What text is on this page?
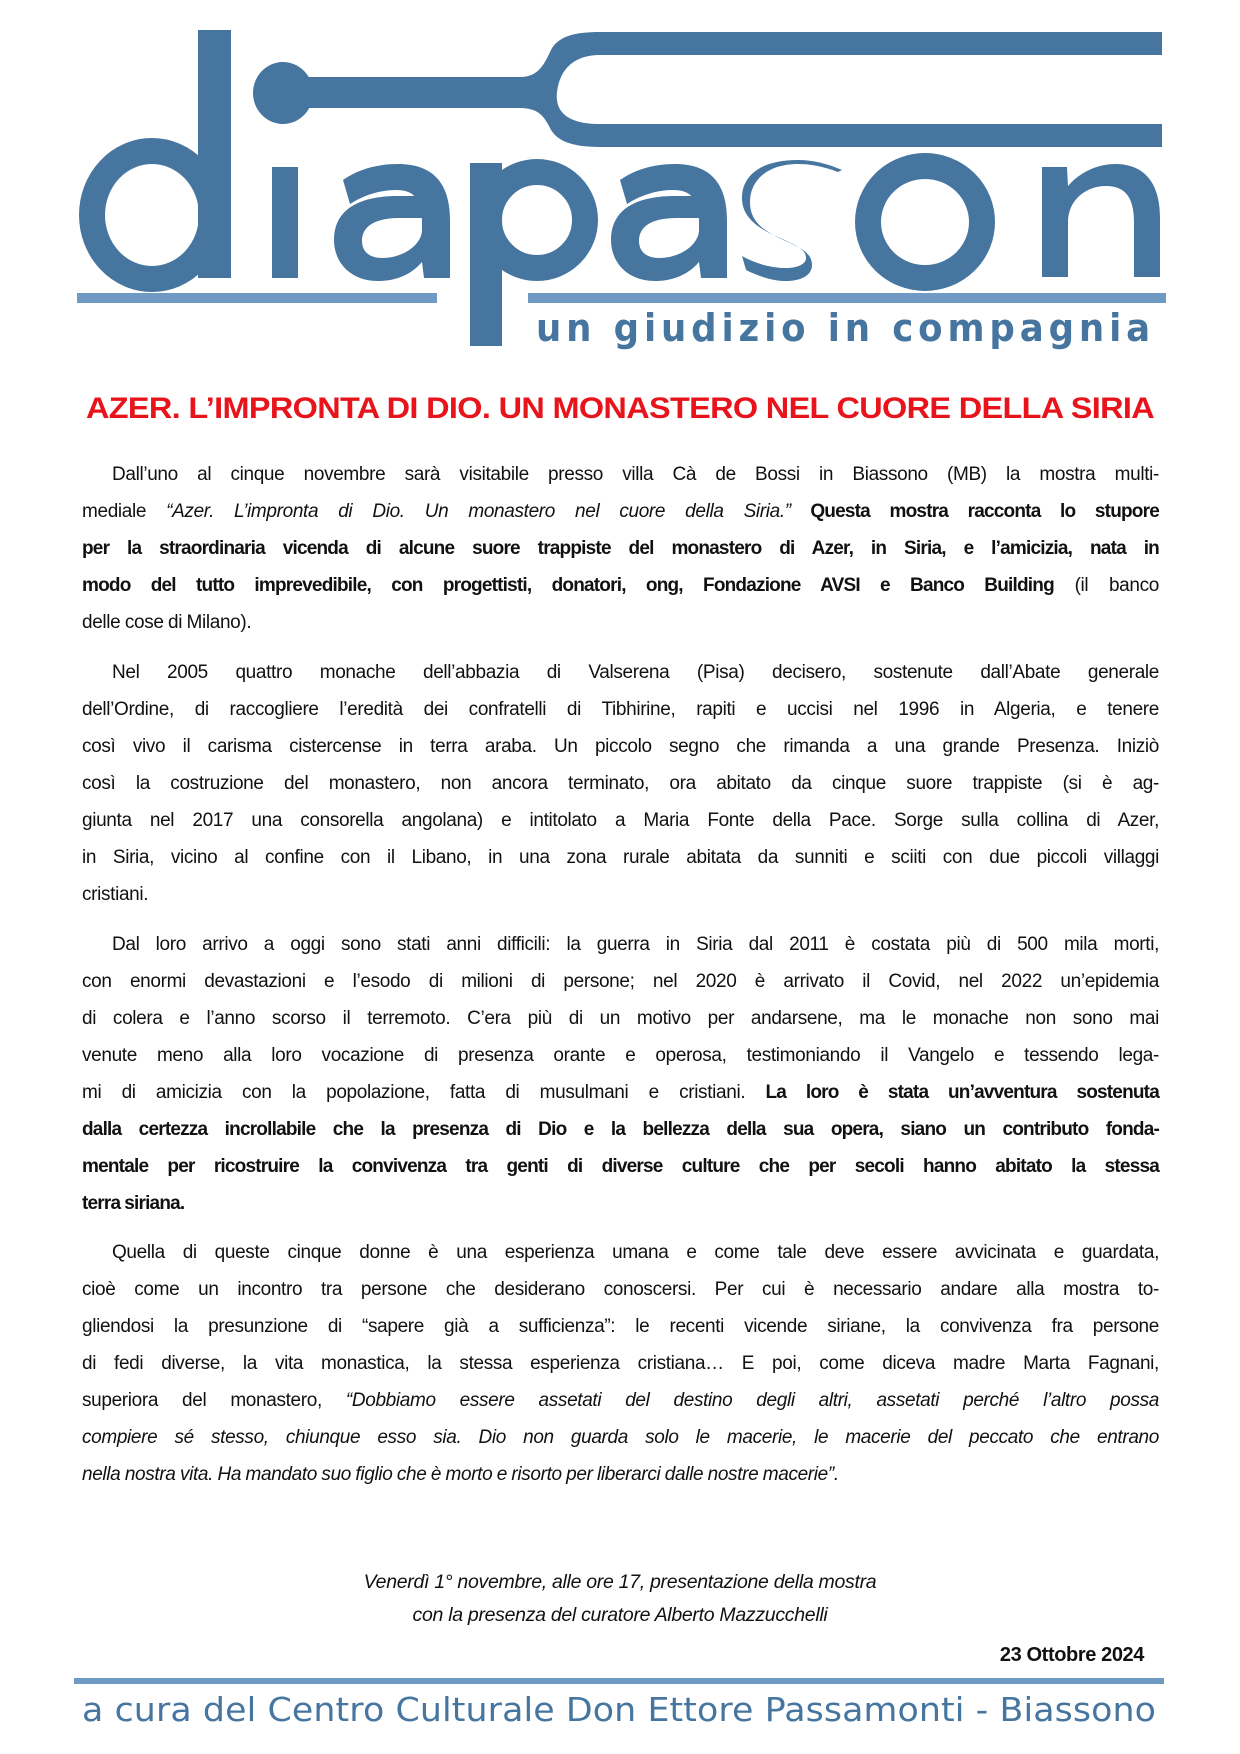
un giudizio in compagnia
AZER. L’IMPRONTA DI DIO. UN MONASTERO NEL CUORE DELLA SIRIA
Dall’uno al cinque novembre sarà visitabile presso villa Cà de Bossi in Biassono (MB) la mostra multi-
mediale “Azer. L’impronta di Dio. Un monastero nel cuore della Siria.” Questa mostra racconta lo stupore
per la straordinaria vicenda di alcune suore trappiste del monastero di Azer, in Siria, e l’amicizia, nata in
modo del tutto imprevedibile, con progettisti, donatori, ong, Fondazione AVSI e Banco Building (il banco
delle cose di Milano).
Nel 2005 quattro monache dell’abbazia di Valserena (Pisa) decisero, sostenute dall’Abate generale
dell’Ordine, di raccogliere l’eredità dei confratelli di Tibhirine, rapiti e uccisi nel 1996 in Algeria, e tenere
così vivo il carisma cistercense in terra araba. Un piccolo segno che rimanda a una grande Presenza. Iniziò
così la costruzione del monastero, non ancora terminato, ora abitato da cinque suore trappiste (si è ag-
giunta nel 2017 una consorella angolana) e intitolato a Maria Fonte della Pace. Sorge sulla collina di Azer,
in Siria, vicino al confine con il Libano, in una zona rurale abitata da sunniti e sciiti con due piccoli villaggi
cristiani.
Dal loro arrivo a oggi sono stati anni difficili: la guerra in Siria dal 2011 è costata più di 500 mila morti,
con enormi devastazioni e l’esodo di milioni di persone; nel 2020 è arrivato il Covid, nel 2022 un’epidemia
di colera e l’anno scorso il terremoto. C’era più di un motivo per andarsene, ma le monache non sono mai
venute meno alla loro vocazione di presenza orante e operosa, testimoniando il Vangelo e tessendo lega-
mi di amicizia con la popolazione, fatta di musulmani e cristiani. La loro è stata un’avventura sostenuta
dalla certezza incrollabile che la presenza di Dio e la bellezza della sua opera, siano un contributo fonda-
mentale per ricostruire la convivenza tra genti di diverse culture che per secoli hanno abitato la stessa
terra siriana.
Quella di queste cinque donne è una esperienza umana e come tale deve essere avvicinata e guardata,
cioè come un incontro tra persone che desiderano conoscersi. Per cui è necessario andare alla mostra to-
gliendosi la presunzione di “sapere già a sufficienza”: le recenti vicende siriane, la convivenza fra persone
di fedi diverse, la vita monastica, la stessa esperienza cristiana… E poi, come diceva madre Marta Fagnani,
superiora del monastero, “Dobbiamo essere assetati del destino degli altri, assetati perché l’altro possa
compiere sé stesso, chiunque esso sia. Dio non guarda solo le macerie, le macerie del peccato che entrano
nella nostra vita. Ha mandato suo figlio che è morto e risorto per liberarci dalle nostre macerie”.
Venerdì 1° novembre, alle ore 17, presentazione della mostra
con la presenza del curatore Alberto Mazzucchelli
23 Ottobre 2024
a cura del Centro Culturale Don Ettore Passamonti - Biassono
